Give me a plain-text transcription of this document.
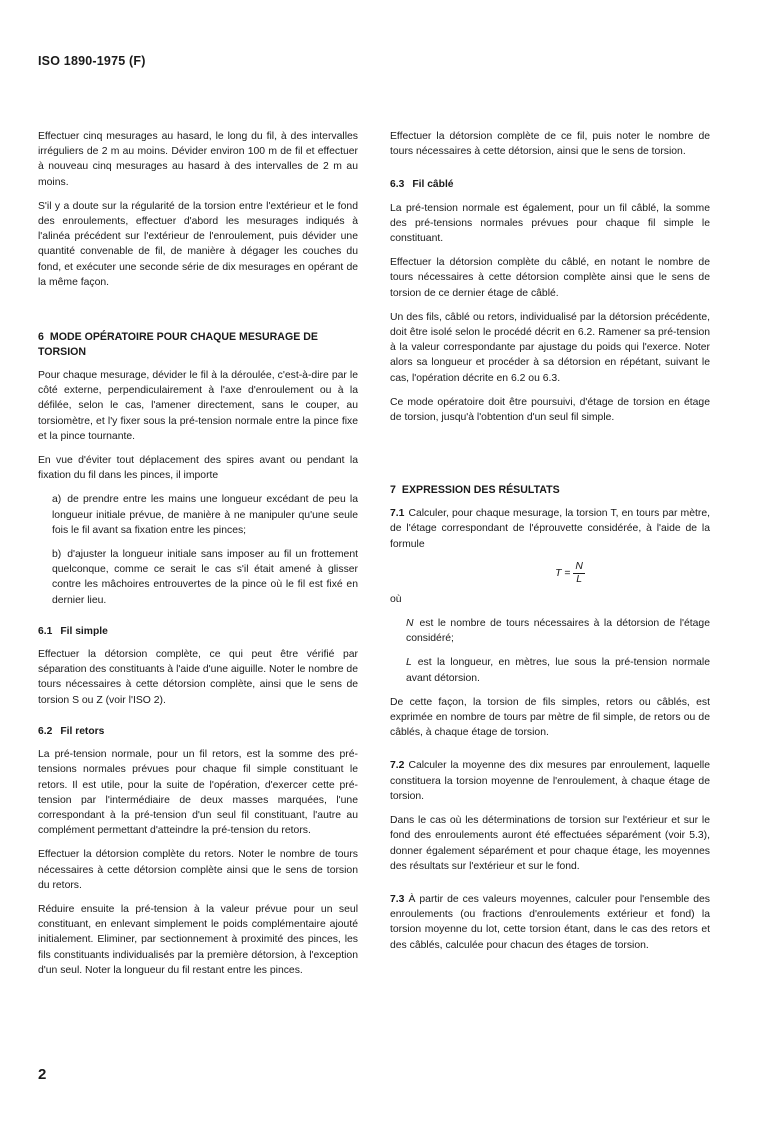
ISO 1890-1975 (F)

Effectuer cinq mesurages au hasard, le long du fil, à des intervalles irréguliers de 2 m au moins. Dévider environ 100 m de fil et effectuer à nouveau cinq mesurages au hasard à des intervalles de 2 m au moins.

S'il y a doute sur la régularité de la torsion entre l'extérieur et le fond des enroulements, effectuer d'abord les mesurages indiqués à l'alinéa précédent sur l'extérieur de l'enroulement, puis dévider une quantité convenable de fil, de manière à dégager les couches du fond, et exécuter une seconde série de dix mesurages en opérant de la même façon.

6 MODE OPÉRATOIRE POUR CHAQUE MESURAGE DE TORSION

Pour chaque mesurage, dévider le fil à la déroulée, c'est-à-dire par le côté externe, perpendiculairement à l'axe d'enroulement ou à la défilée, selon le cas, l'amener directement, sans le couper, au torsiomètre, et l'y fixer sous la pré-tension normale entre la pince fixe et la pince tournante.

En vue d'éviter tout déplacement des spires avant ou pendant la fixation du fil dans les pinces, il importe

a) de prendre entre les mains une longueur excédant de peu la longueur initiale prévue, de manière à ne manipuler qu'une seule fois le fil avant sa fixation entre les pinces;

b) d'ajuster la longueur initiale sans imposer au fil un frottement quelconque, comme ce serait le cas s'il était amené à glisser contre les mâchoires entrouvertes de la pince où le fil est fixé en dernier lieu.

6.1 Fil simple

Effectuer la détorsion complète, ce qui peut être vérifié par séparation des constituants à l'aide d'une aiguille. Noter le nombre de tours nécessaires à cette détorsion complète, ainsi que le sens de torsion S ou Z (voir l'ISO 2).

6.2 Fil retors

La pré-tension normale, pour un fil retors, est la somme des pré-tensions normales prévues pour chaque fil simple constituant le retors. Il est utile, pour la suite de l'opération, d'exercer cette pré-tension par l'intermédiaire de deux masses marquées, l'une correspondant à la pré-tension d'un seul fil constituant, l'autre au complément permettant d'atteindre la pré-tension du retors.

Effectuer la détorsion complète du retors. Noter le nombre de tours nécessaires à cette détorsion complète ainsi que le sens de torsion du retors.

Réduire ensuite la pré-tension à la valeur prévue pour un seul constituant, en enlevant simplement le poids complémentaire ajouté initialement. Eliminer, par sectionnement à proximité des pinces, les fils constituants individualisés par la première détorsion, à l'exception d'un seul. Noter la longueur du fil restant entre les pinces.

Effectuer la détorsion complète de ce fil, puis noter le nombre de tours nécessaires à cette détorsion, ainsi que le sens de torsion.

6.3 Fil câblé

La pré-tension normale est également, pour un fil câblé, la somme des pré-tensions normales prévues pour chaque fil simple le constituant.

Effectuer la détorsion complète du câblé, en notant le nombre de tours nécessaires à cette détorsion complète ainsi que le sens de torsion de ce dernier étage de câblé.

Un des fils, câblé ou retors, individualisé par la détorsion précédente, doit être isolé selon le procédé décrit en 6.2. Ramener sa pré-tension à la valeur correspondante par ajustage du poids qui l'exerce. Noter alors sa longueur et procéder à sa détorsion en répétant, suivant le cas, l'opération décrite en 6.2 ou 6.3.

Ce mode opératoire doit être poursuivi, d'étage de torsion en étage de torsion, jusqu'à l'obtention d'un seul fil simple.

7 EXPRESSION DES RÉSULTATS

7.1 Calculer, pour chaque mesurage, la torsion T, en tours par mètre, de l'étage correspondant de l'éprouvette considérée, à l'aide de la formule

$T = \frac{N}{L}$

où

N est le nombre de tours nécessaires à la détorsion de l'étage considéré;

L est la longueur, en mètres, lue sous la pré-tension normale avant détorsion.

De cette façon, la torsion de fils simples, retors ou câblés, est exprimée en nombre de tours par mètre de fil simple, de retors ou de câblés, à chaque étage de torsion.

7.2 Calculer la moyenne des dix mesures par enroulement, laquelle constituera la torsion moyenne de l'enroulement, à chaque étage de torsion.

Dans le cas où les déterminations de torsion sur l'extérieur et sur le fond des enroulements auront été effectuées séparément (voir 5.3), donner également séparément et pour chaque étage, les moyennes des résultats sur l'extérieur et sur le fond.

7.3 À partir de ces valeurs moyennes, calculer pour l'ensemble des enroulements (ou fractions d'enroulements extérieur et fond) la torsion moyenne du lot, cette torsion étant, dans le cas des retors et des câblés, calculée pour chacun des étages de torsion.

2
